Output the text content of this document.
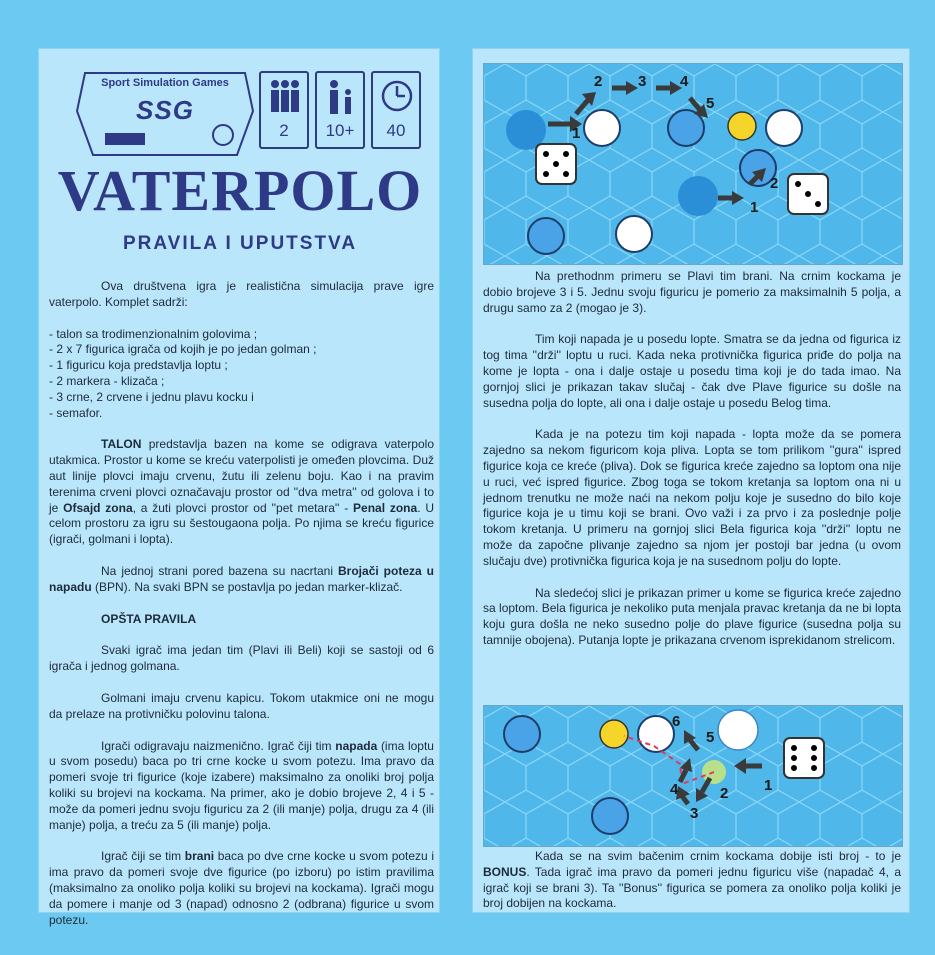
Sport Simulation Games
SSG
2	10+	40
VATERPOLO
PRAVILA I UPUTSTVA

Ova društvena igra je realistična simulacija prave igre vaterpolo. Komplet sadrži:

- talon sa trodimenzionalnim golovima ;
- 2 x 7 figurica igrača od kojih je po jedan golman ;
- 1 figuricu koja predstavlja loptu ;
- 2 markera - klizača ;
- 3 crne, 2 crvene i jednu plavu kocku i
- semafor.

TALON predstavlja bazen na kome se odigrava vaterpolo utakmica. Prostor u kome se kreću vaterpolisti je omeđen plovcima. Duž aut linije plovci imaju crvenu, žutu ili zelenu boju. Kao i na pravim terenima crveni plovci označavaju prostor od ''dva metra'' od golova i to je Ofsajd zona, a žuti plovci prostor od ''pet metara'' - Penal zona. U celom prostoru za igru su šestougaona polja. Po njima se kreću figurice (igrači, golmani i lopta).

Na jednoj strani pored bazena su nacrtani Brojači poteza u napadu (BPN). Na svaki BPN se postavlja po jedan marker-klizač.

OPŠTA PRAVILA

Svaki igrač ima jedan tim (Plavi ili Beli) koji se sastoji od 6 igrača i jednog golmana.

Golmani imaju crvenu kapicu. Tokom utakmice oni ne mogu da prelaze na protivničku polovinu talona.

Igrači odigravaju naizmenično. Igrač čiji tim napada (ima loptu u svom posedu) baca po tri crne kocke u svom potezu. Ima pravo da pomeri svoje tri figurice (koje izabere) maksimalno za onoliki broj polja koliki su brojevi na kockama. Na primer, ako je dobio brojeve 2, 4 i 5 - može da pomeri jednu svoju figuricu za 2 (ili manje) polja, drugu za 4 (ili manje) polja, a treću za 5 (ili manje) polja.

Igrač čiji se tim brani baca po dve crne kocke u svom potezu i ima pravo da pomeri svoje dve figurice (po izboru) po istim pravilima (maksimalno za onoliko polja koliki su brojevi na kockama). Igrači mogu da pomere i manje od 3 (napad) odnosno 2 (odbrana) figurice u svom potezu.

1
2 3 4
5
2
1

Na prethodnm primeru se Plavi tim brani. Na crnim kockama je dobio brojeve 3 i 5. Jednu svoju figuricu je pomerio za maksimalnih 5 polja, a drugu samo za 2 (mogao je 3).

Tim koji napada je u posedu lopte. Smatra se da jedna od figurica iz tog tima ''drži'' loptu u ruci. Kada neka protivnička figurica priđe do polja na kome je lopta - ona i dalje ostaje u posedu tima koji je do tada imao. Na gornjoj slici je prikazan takav slučaj - čak dve Plave figurice su došle na susedna polja do lopte, ali ona i dalje ostaje u posedu Belog tima.

Kada je na potezu tim koji napada - lopta može da se pomera zajedno sa nekom figuricom koja pliva. Lopta se tom prilikom ''gura'' ispred figurice koja ce kreće (pliva). Dok se figurica kreće zajedno sa loptom ona nije u ruci, već ispred figurice. Zbog toga se tokom kretanja sa loptom ona ni u jednom trenutku ne može naći na nekom polju koje je susedno do bilo koje figurice koja je u timu koji se brani. Ovo važi i za prvo i za poslednje polje tokom kretanja. U primeru na gornjoj slici Bela figurica koja ''drži'' loptu ne može da započne plivanje zajedno sa njom jer postoji bar jedna (u ovom slučaju dve) protivnička figurica koja je na susednom polju do lopte.

Na sledećoj slici je prikazan primer u kome se figurica kreće zajedno sa loptom. Bela figurica je nekoliko puta menjala pravac kretanja da ne bi lopta koju gura došla ne neko susedno polje do plave figurice (susedna polja su tamnije obojena). Putanja lopte je prikazana crvenom isprekidanom strelicom.

6
5
4
3
2 1

Kada se na svim bačenim crnim kockama dobije isti broj - to je BONUS. Tada igrač ima pravo da pomeri jednu figuricu više (napadač 4, a igrač koji se brani 3). Ta ''Bonus'' figurica se pomera za onoliko polja koliki je broj dobijen na kockama.
